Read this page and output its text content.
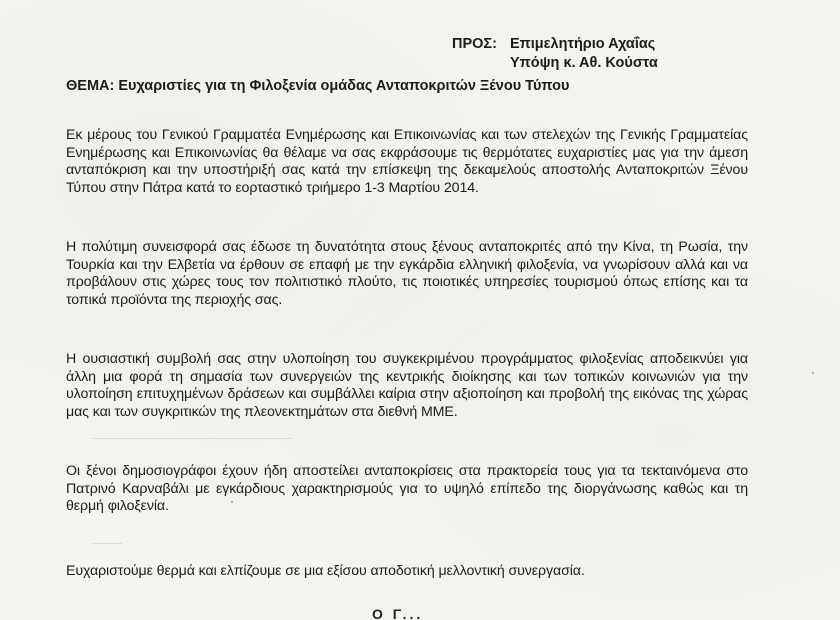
ΠΡΟΣ: Επιμελητήριο Αχαΐας
Υπόψη κ. Αθ. Κούστα
ΘΕΜΑ: Ευχαριστίες για τη Φιλοξενία ομάδας Ανταποκριτών Ξένου Τύπου
Εκ μέρους του Γενικού Γραμματέα Ενημέρωσης και Επικοινωνίας και των στελεχών της Γενικής Γραμματείας Ενημέρωσης και Επικοινωνίας θα θέλαμε να σας εκφράσουμε τις θερμότατες ευχαριστίες μας για την άμεση ανταπόκριση και την υποστήριξή σας κατά την επίσκεψη της δεκαμελούς αποστολής Ανταποκριτών Ξένου Τύπου στην Πάτρα κατά το εορταστικό τριήμερο 1-3 Μαρτίου 2014.
Η πολύτιμη συνεισφορά σας έδωσε τη δυνατότητα στους ξένους ανταποκριτές από την Κίνα, τη Ρωσία, την Τουρκία και την Ελβετία να έρθουν σε επαφή με την εγκάρδια ελληνική φιλοξενία, να γνωρίσουν αλλά και να προβάλουν στις χώρες τους τον πολιτιστικό πλούτο, τις ποιοτικές υπηρεσίες τουρισμού όπως επίσης και τα τοπικά προϊόντα της περιοχής σας.
Η ουσιαστική συμβολή σας στην υλοποίηση του συγκεκριμένου προγράμματος φιλοξενίας αποδεικνύει για άλλη μια φορά τη σημασία των συνεργειών της κεντρικής διοίκησης και των τοπικών κοινωνιών για την υλοποίηση επιτυχημένων δράσεων και συμβάλλει καίρια στην αξιοποίηση και προβολή της εικόνας της χώρας μας και των συγκριτικών της πλεονεκτημάτων στα διεθνή ΜΜΕ.
Οι ξένοι δημοσιογράφοι έχουν ήδη αποστείλει ανταποκρίσεις στα πρακτορεία τους για τα τεκταινόμενα στο Πατρινό Καρναβάλι με εγκάρδιους χαρακτηρισμούς για το υψηλό επίπεδο της διοργάνωσης καθώς και τη θερμή φιλοξενία.
Ευχαριστούμε θερμά και ελπίζουμε σε μια εξίσου αποδοτική μελλοντική συνεργασία.
Ο Γ...
